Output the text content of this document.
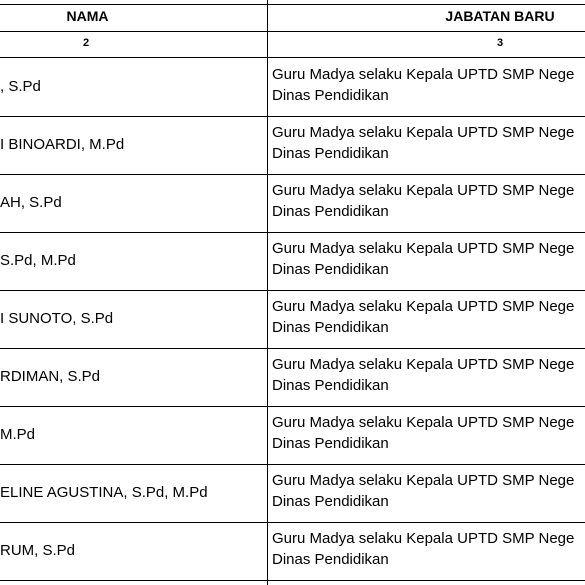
NAMA	JABATAN BARU
2	3
, S.Pd
Guru Madya selaku Kepala UPTD SMP Nege
Dinas Pendidikan
I BINOARDI, M.Pd
Guru Madya selaku Kepala UPTD SMP Nege
Dinas Pendidikan
AH, S.Pd
Guru Madya selaku Kepala UPTD SMP Nege
Dinas Pendidikan
S.Pd, M.Pd
Guru Madya selaku Kepala UPTD SMP Nege
Dinas Pendidikan
I SUNOTO, S.Pd
Guru Madya selaku Kepala UPTD SMP Nege
Dinas Pendidikan
RDIMAN, S.Pd
Guru Madya selaku Kepala UPTD SMP Nege
Dinas Pendidikan
M.Pd
Guru Madya selaku Kepala UPTD SMP Nege
Dinas Pendidikan
ELINE AGUSTINA, S.Pd, M.Pd
Guru Madya selaku Kepala UPTD SMP Nege
Dinas Pendidikan
RUM, S.Pd
Guru Madya selaku Kepala UPTD SMP Nege
Dinas Pendidikan
